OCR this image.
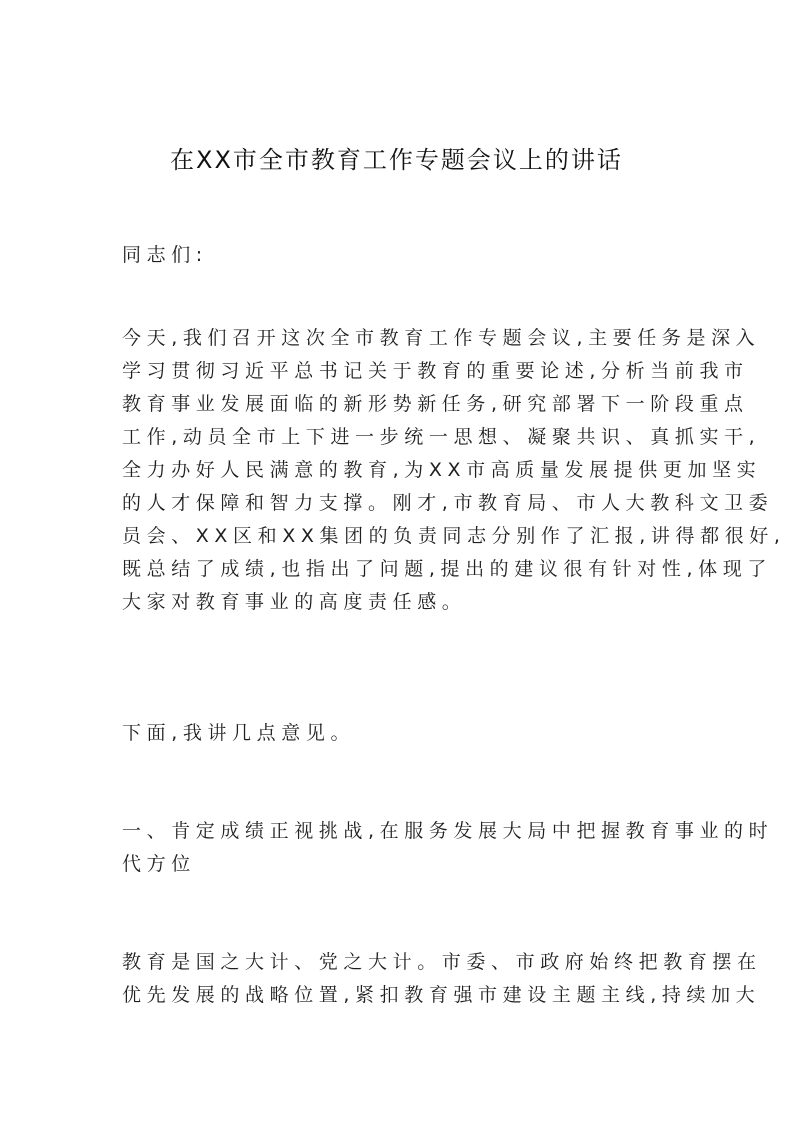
在XX市全市教育工作专题会议上的讲话

同志们:

今天,我们召开这次全市教育工作专题会议,主要任务是深入
学习贯彻习近平总书记关于教育的重要论述,分析当前我市
教育事业发展面临的新形势新任务,研究部署下一阶段重点
工作,动员全市上下进一步统一思想、凝聚共识、真抓实干,
全力办好人民满意的教育,为XX市高质量发展提供更加坚实
的人才保障和智力支撑。刚才,市教育局、市人大教科文卫委
员会、XX区和XX集团的负责同志分别作了汇报,讲得都很好,
既总结了成绩,也指出了问题,提出的建议很有针对性,体现了
大家对教育事业的高度责任感。
下面,我讲几点意见。
一、肯定成绩正视挑战,在服务发展大局中把握教育事业的时
代方位
教育是国之大计、党之大计。市委、市政府始终把教育摆在
优先发展的战略位置,紧扣教育强市建设主题主线,持续加大
